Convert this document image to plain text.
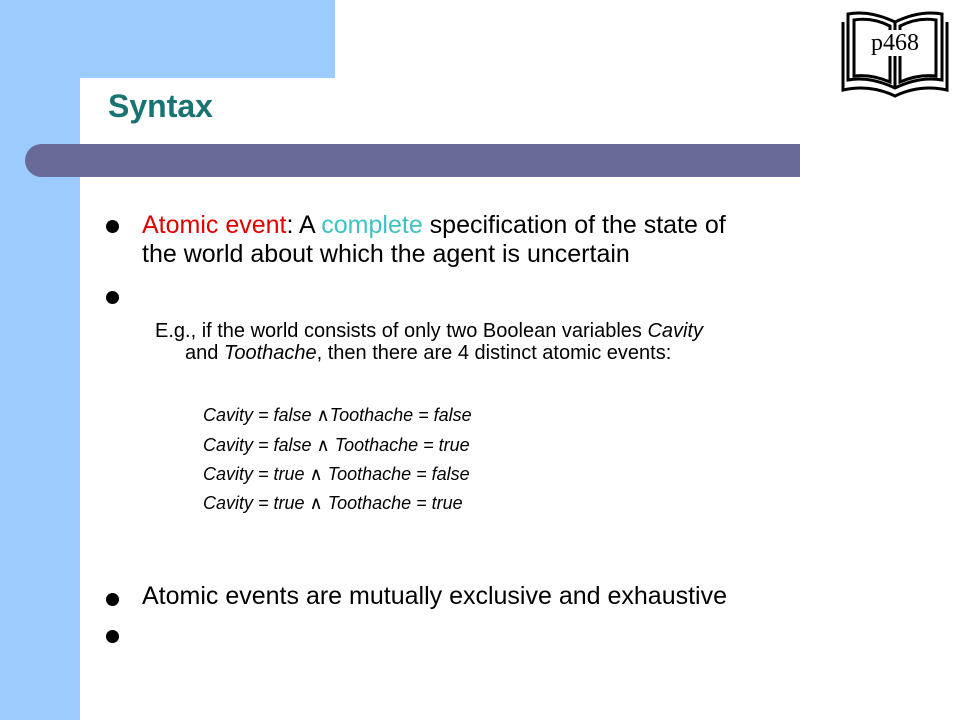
Syntax
p468
Atomic event: A complete specification of the state of
the world about which the agent is uncertain
E.g., if the world consists of only two Boolean variables Cavity
and Toothache, then there are 4 distinct atomic events:
Cavity = false ∧Toothache = false
Cavity = false ∧ Toothache = true
Cavity = true ∧ Toothache = false
Cavity = true ∧ Toothache = true
Atomic events are mutually exclusive and exhaustive
